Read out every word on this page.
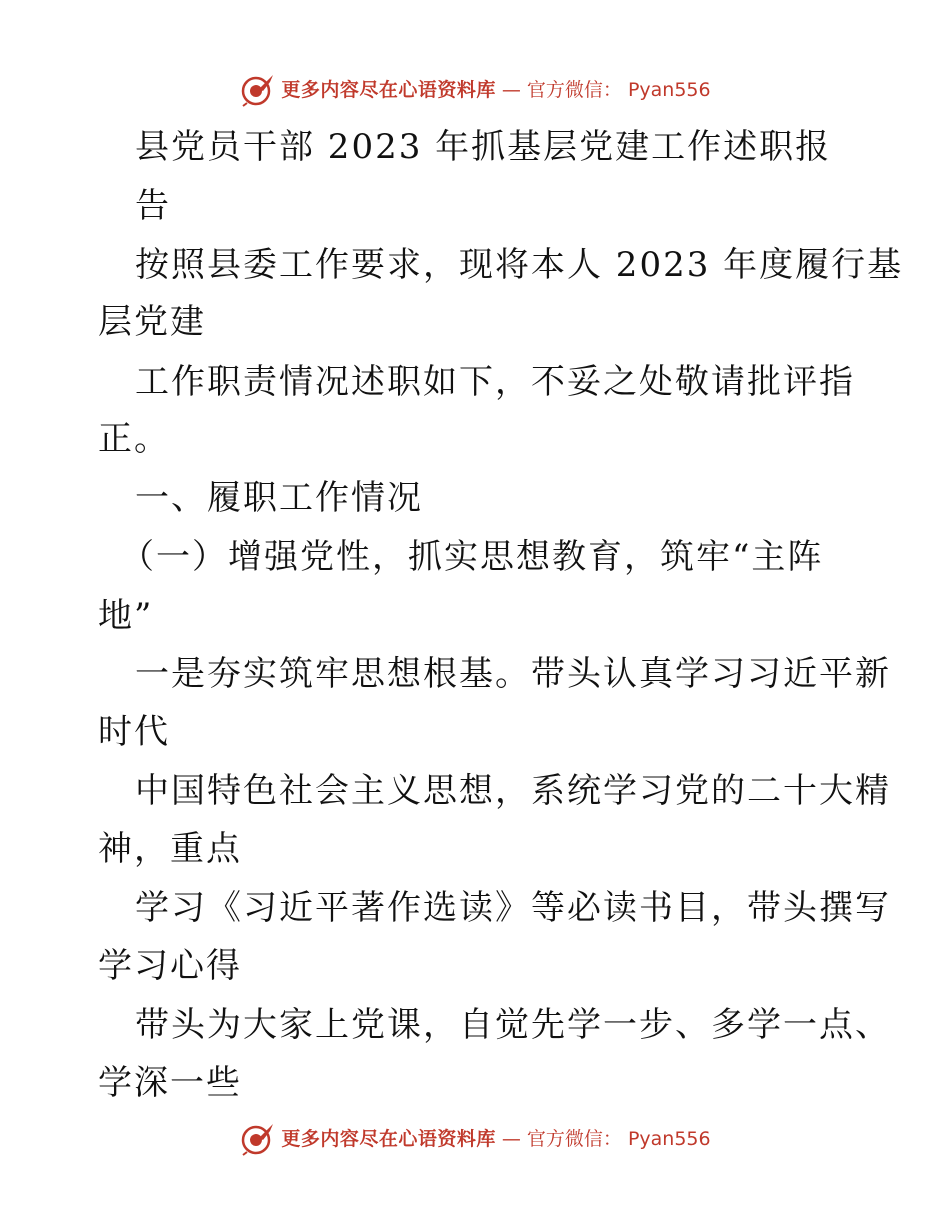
更多内容尽在心语资料库 — 官方微信： Pyan556
县党员干部 2023 年抓基层党建工作述职报
告
按照县委工作要求，现将本人 2023 年度履行基
层党建
工作职责情况述职如下，不妥之处敬请批评指
正。
一、履职工作情况
（一）增强党性，抓实思想教育，筑牢“主阵
地”
一是夯实筑牢思想根基。带头认真学习习近平新
时代
中国特色社会主义思想，系统学习党的二十大精
神，重点
学习《习近平著作选读》等必读书目，带头撰写
学习心得
带头为大家上党课，自觉先学一步、多学一点、
学深一些
更多内容尽在心语资料库 — 官方微信： Pyan556
